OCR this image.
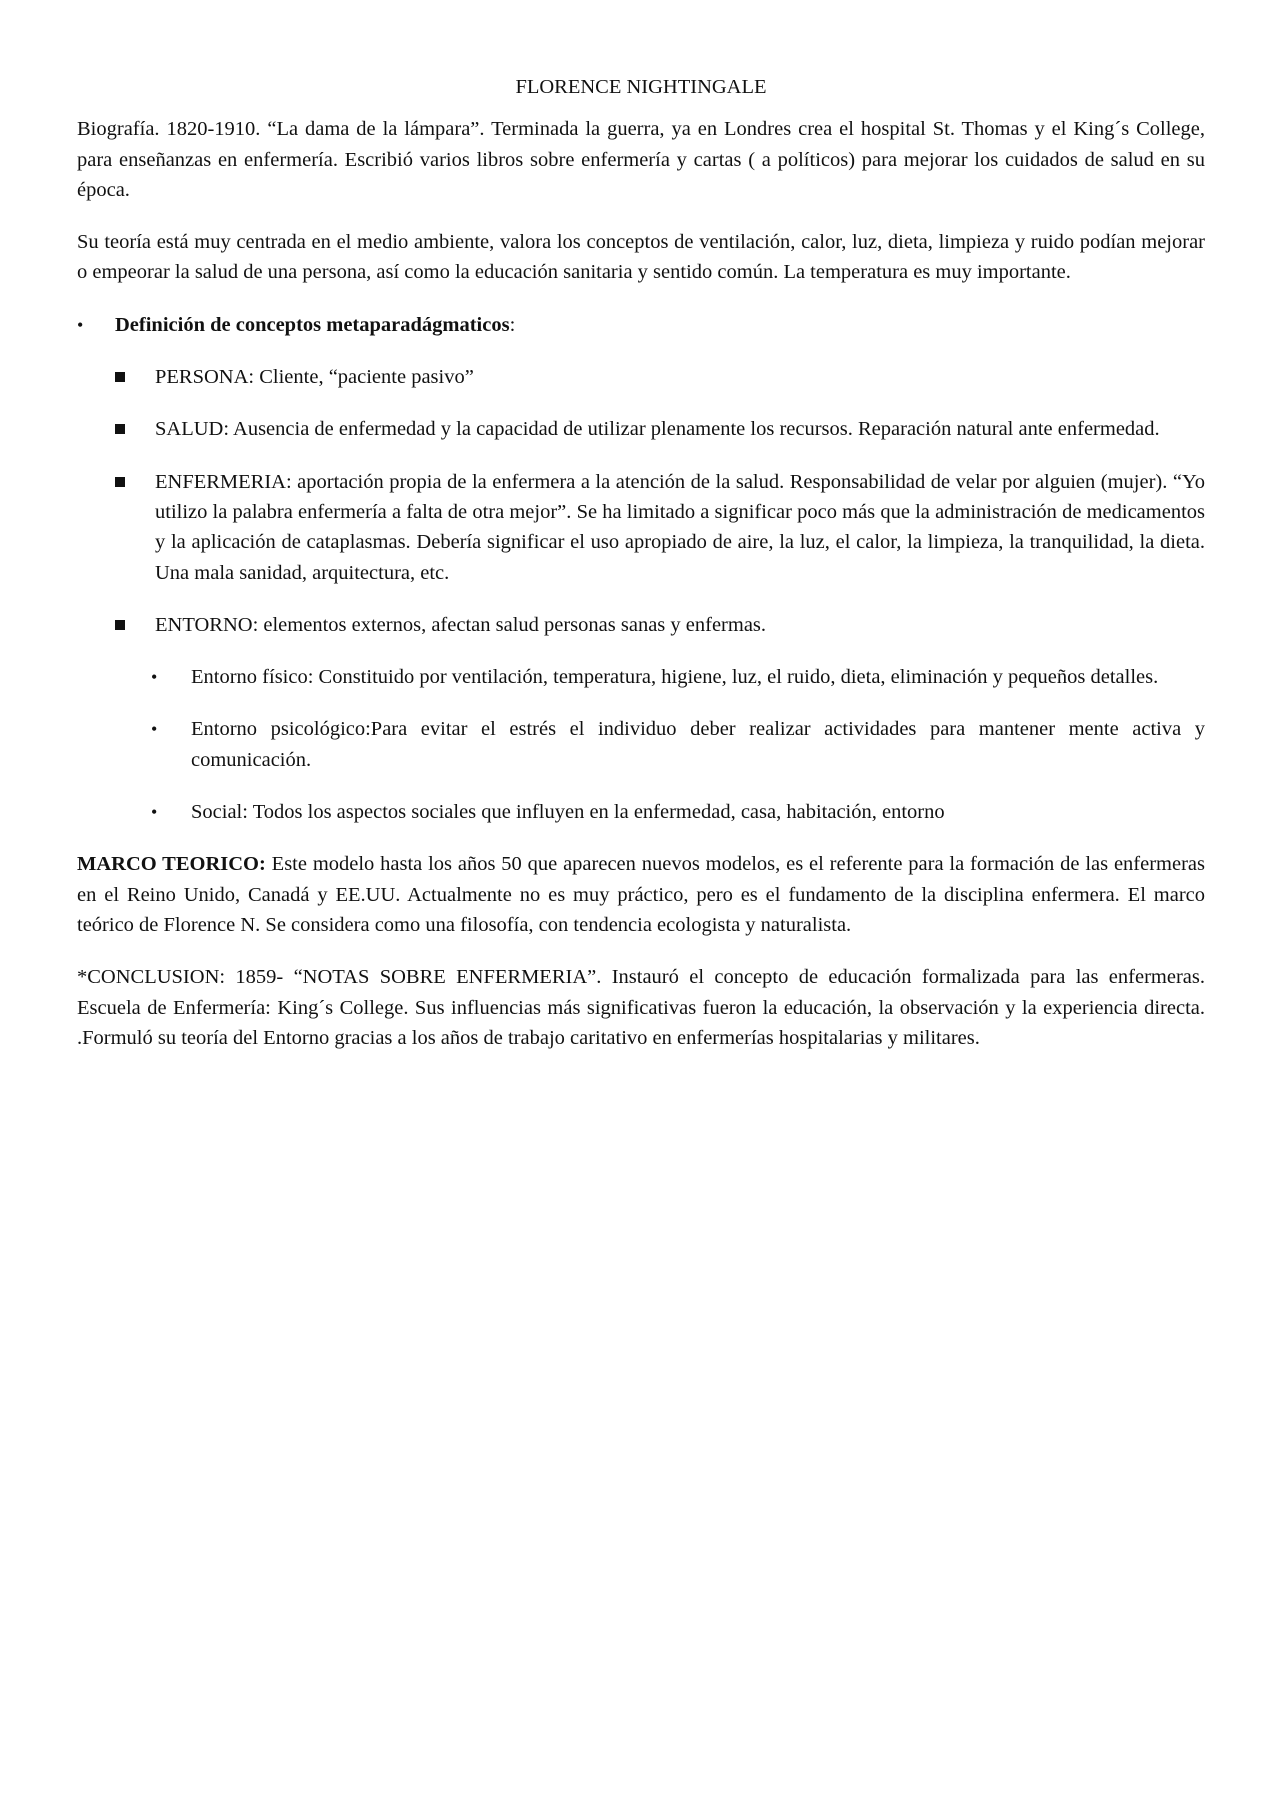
FLORENCE NIGHTINGALE

Biografía. 1820-1910. “La dama de la lámpara”. Terminada la guerra, ya en Londres crea el hospital St. Thomas y el King´s College, para enseñanzas en enfermería. Escribió varios libros sobre enfermería y cartas ( a políticos) para mejorar los cuidados de salud en su época.

Su teoría está muy centrada en el medio ambiente, valora los conceptos de ventilación, calor, luz, dieta, limpieza y ruido podían mejorar o empeorar la salud de una persona, así como la educación sanitaria y sentido común. La temperatura es muy importante.

• Definición de conceptos metaparadágmaticos:
PERSONA: Cliente, “paciente pasivo”
SALUD: Ausencia de enfermedad y la capacidad de utilizar plenamente los recursos. Reparación natural ante enfermedad.
ENFERMERIA: aportación propia de la enfermera a la atención de la salud. Responsabilidad de velar por alguien (mujer). “Yo utilizo la palabra enfermería a falta de otra mejor”. Se ha limitado a significar poco más que la administración de medicamentos y la aplicación de cataplasmas. Debería significar el uso apropiado de aire, la luz, el calor, la limpieza, la tranquilidad, la dieta. Una mala sanidad, arquitectura, etc.
ENTORNO: elementos externos, afectan salud personas sanas y enfermas.
• Entorno físico: Constituido por ventilación, temperatura, higiene, luz, el ruido, dieta, eliminación y pequeños detalles.
• Entorno psicológico:Para evitar el estrés el individuo deber realizar actividades para mantener mente activa y comunicación.
• Social: Todos los aspectos sociales que influyen en la enfermedad, casa, habitación, entorno

MARCO TEORICO: Este modelo hasta los años 50 que aparecen nuevos modelos, es el referente para la formación de las enfermeras en el Reino Unido, Canadá y EE.UU. Actualmente no es muy práctico, pero es el fundamento de la disciplina enfermera. El marco teórico de Florence N. Se considera como una filosofía, con tendencia ecologista y naturalista.

*CONCLUSION: 1859- “NOTAS SOBRE ENFERMERIA”. Instauró el concepto de educación formalizada para las enfermeras. Escuela de Enfermería: King´s College. Sus influencias más significativas fueron la educación, la observación y la experiencia directa. .Formuló su teoría del Entorno gracias a los años de trabajo caritativo en enfermerías hospitalarias y militares.
